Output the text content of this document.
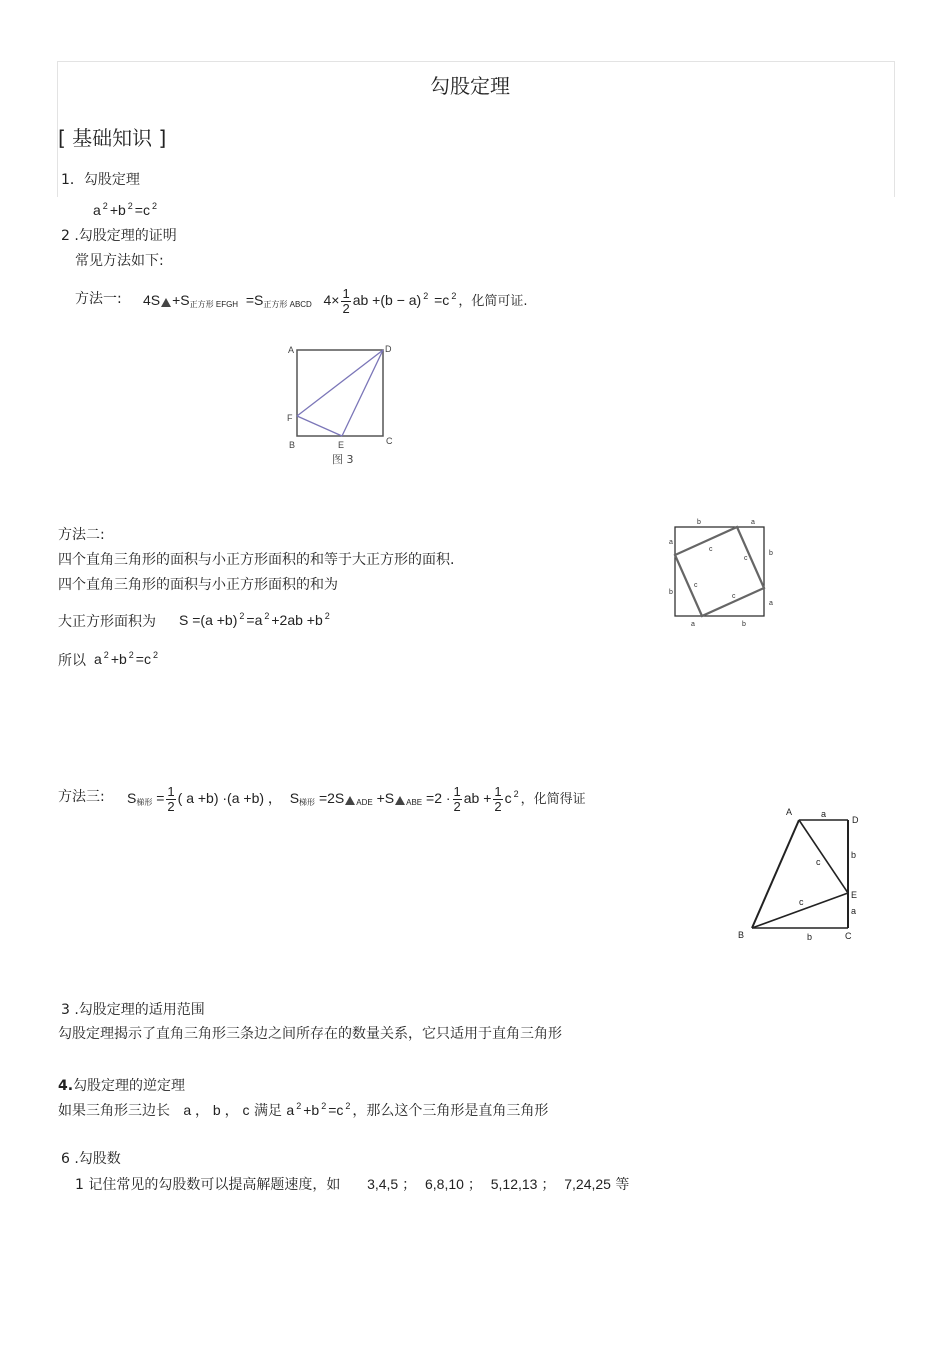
勾股定理
[ 基础知识 ]
1．勾股定理
a $^2$ +b $^2$ =c $^2$
2 .勾股定理的证明
常见方法如下:
方法一: $4S +S_{正方形 EFGH} =S_{正方形 ABCD}$ $4\times \frac{1}{2}$ ab +(b − a) $^2$ =c $^2$ ，化简可证.
A	D
F
B	E	C
图 3
方法二:
四个直角三角形的面积与小正方形面积的和等于大正方形的面积.
四个直角三角形的面积与小正方形面积的和为
大正方形面积为 S =(a +b) $^2$ =a $^2$ +2ab +b $^2$
所以 a $^2$ +b $^2$ =c $^2$
b	a
a
b
b
a
a	b
c
c
c
c
方法三: $S_{梯形} = \frac{1}{2}$ ( a +b) ·(a +b) ， $S_{梯形} =2S$ $_{ADE}$ +S $_{ABE} =2 \cdot \frac{1}{2}$ ab + $\frac{1}{2}$ c $^2$ ，化简得证
A	a
D
c
b
E
c
a
B	b	C
3 .勾股定理的适用范围
勾股定理揭示了直角三角形三条边之间所存在的数量关系，它只适用于直角三角形
4.勾股定理的逆定理
如果三角形三边长 a ， b ， c 满足 a $^2$ +b $^2$ =c $^2$ ，那么这个三角形是直角三角形
6 .勾股数
1 记住常见的勾股数可以提高解题速度，如 3,4,5 ； 6,8,10 ； 5,12,13 ； 7,24,25 等
